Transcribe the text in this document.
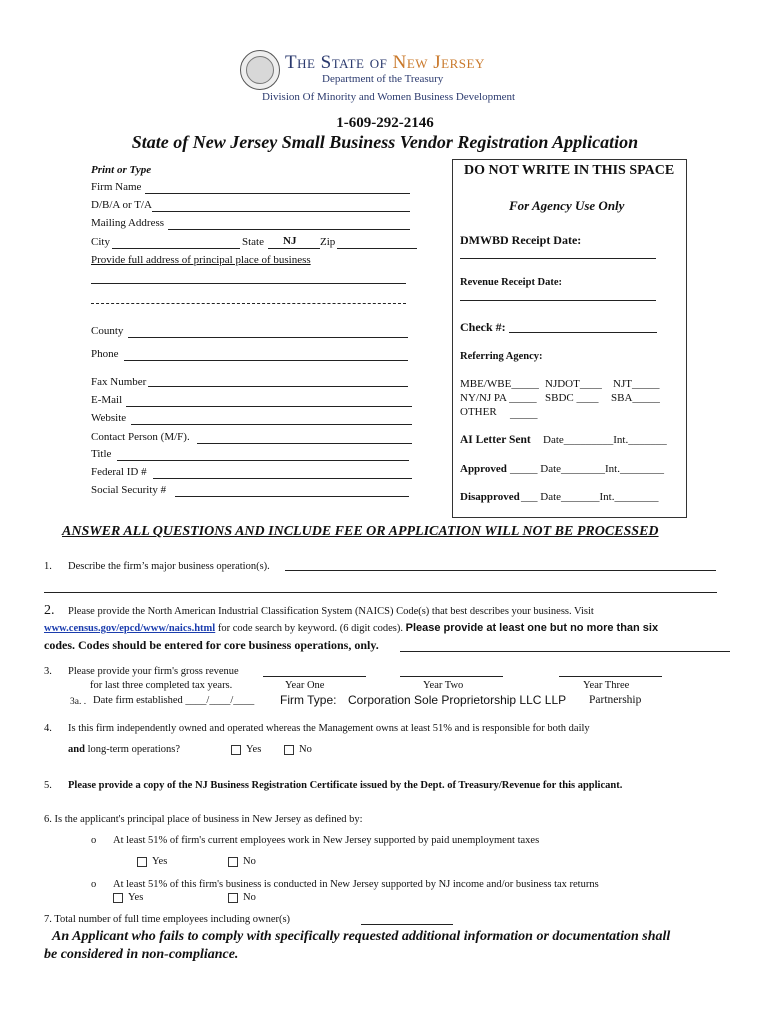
The State of New Jersey
Department of the Treasury
Division Of Minority and Women Business Development
1-609-292-2146
State of New Jersey Small Business Vendor Registration Application
Print or Type
Firm Name
D/B/A or T/A
Mailing Address
City	State NJ Zip
Provide full address of principal place of business
County
Phone
Fax Number
E-Mail
Website
Contact Person (M/F).
Title
Federal ID #
Social Security #
DO NOT WRITE IN THIS SPACE
For Agency Use Only
DMWBD Receipt Date:
Revenue Receipt Date:
Check #:
Referring Agency:
MBE/WBE_____ NJDOT____ NJT_____
NY/NJ PA _____ SBDC ____ SBA_____
OTHER _____
AI Letter Sent Date_________Int._______
Approved _____ Date________Int.________
Disapproved ___ Date_______Int.________
ANSWER ALL QUESTIONS AND INCLUDE FEE OR APPLICATION WILL NOT BE PROCESSED
1. Describe the firm’s major business operation(s).
2. Please provide the North American Industrial Classification System (NAICS) Code(s) that best describes your business. Visit
www.census.gov/epcd/www/naics.html for code search by keyword. (6 digit codes). Please provide at least one but no more than six
codes. Codes should be entered for core business operations, only.
3. Please provide your firm's gross revenue
for last three completed tax years.	Year One	Year Two	Year Three
3a. . Date firm established ____/____/____ Firm Type: Corporation Sole Proprietorship LLC LLP Partnership
4. Is this firm independently owned and operated whereas the Management owns at least 51% and is responsible for both daily
and long-term operations?	Yes	No
5. Please provide a copy of the NJ Business Registration Certificate issued by the Dept. of Treasury/Revenue for this applicant.
6. Is the applicant's principal place of business in New Jersey as defined by:
o At least 51% of firm's current employees work in New Jersey supported by paid unemployment taxes
Yes	No
o At least 51% of this firm's business is conducted in New Jersey supported by NJ income and/or business tax returns
Yes	No
7. Total number of full time employees including owner(s)
An Applicant who fails to comply with specifically requested additional information or documentation shall
be considered in non-compliance.
